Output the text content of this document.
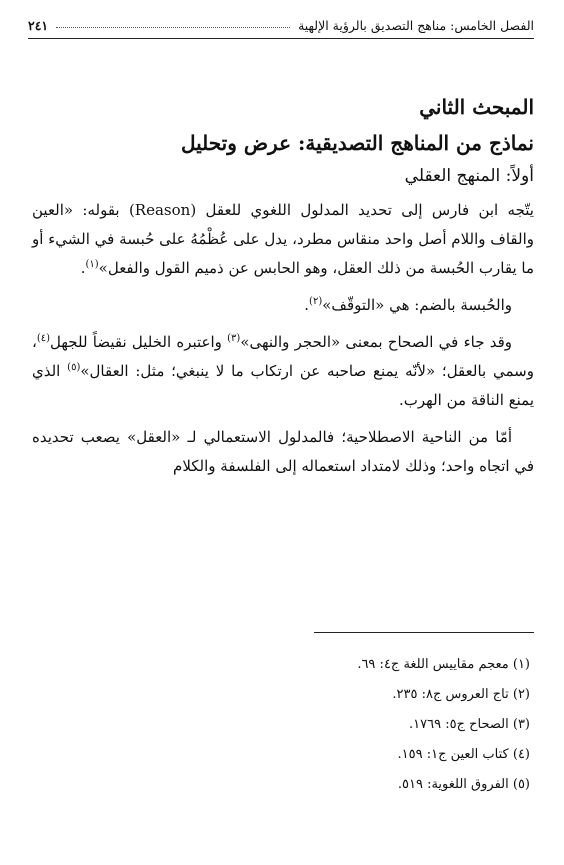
الفصل الخامس: مناهج التصديق بالرؤية الإلهية
٢٤١
المبحث الثاني
نماذج من المناهج التصديقية: عرض وتحليل
أولاً: المنهج العقلي

يتّجه ابن فارس إلى تحديد المدلول اللغوي للعقل (Reason) بقوله: «العين والقاف واللام أصل واحد منقاس مطرد، يدل على عُظْمُهُ على حُبسة في الشيء أو ما يقارب الحُبسة من ذلك العقل، وهو الحابس عن ذميم القول والفعل»$^{(١)}$.

والحُبسة بالضم: هي «التوقّف»$^{(٢)}$.

وقد جاء في الصحاح بمعنى «الحجر والنهى»$^{(٣)}$ واعتبره الخليل نقيضاً للجهل$^{(٤)}$، وسمي بالعقل؛ «لأنّه يمنع صاحبه عن ارتكاب ما لا ينبغي؛ مثل: العقال»$^{(٥)}$ الذي يمنع الناقة من الهرب.

أمّا من الناحية الاصطلاحية؛ فالمدلول الاستعمالي لـ «العقل» يصعب تحديده في اتجاه واحد؛ وذلك لامتداد استعماله إلى الفلسفة والكلام

(١) معجم مقاييس اللغة ج٤: ٦٩.

(٢) تاج العروس ج٨: ٢٣٥.

(٣) الصحاح ج٥: ١٧٦٩.

(٤) كتاب العين ج١: ١٥٩.

(٥) الفروق اللغوية: ٥١٩.
